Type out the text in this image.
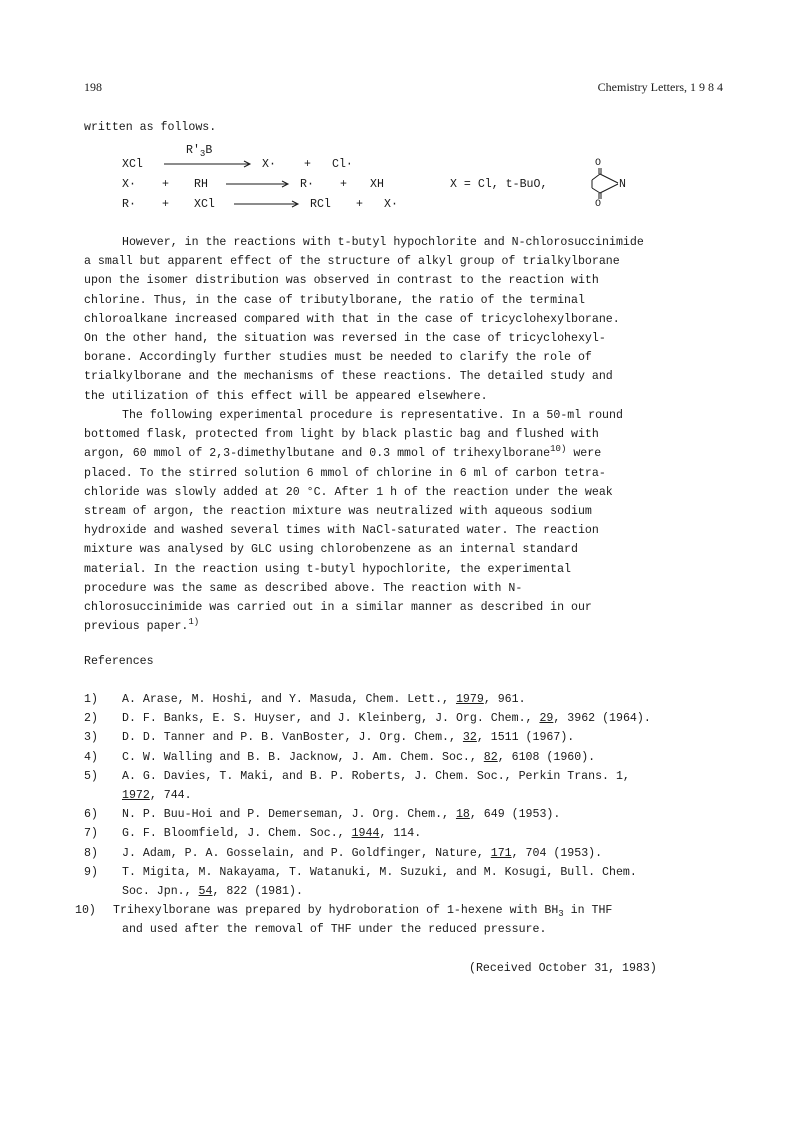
198	Chemistry Letters, 1 9 8 4
written as follows.
$R'_3B$
XCl	X· + Cl·
X· + RH	R· + XH
R· + XCl	RCl + X·
X = Cl, t-BuO,
O
O
N
However, in the reactions with t-butyl hypochlorite and N-chlorosuccinimide
a small but apparent effect of the structure of alkyl group of trialkylborane
upon the isomer distribution was observed in contrast to the reaction with
chlorine. Thus, in the case of tributylborane, the ratio of the terminal
chloroalkane increased compared with that in the case of tricyclohexylborane.
On the other hand, the situation was reversed in the case of tricyclohexyl-
borane. Accordingly further studies must be needed to clarify the role of
trialkylborane and the mechanisms of these reactions. The detailed study and
the utilization of this effect will be appeared elsewhere.
The following experimental procedure is representative. In a 50-ml round
bottomed flask, protected from light by black plastic bag and flushed with
argon, 60 mmol of 2,3-dimethylbutane and 0.3 mmol of trihexylborane$^{10)}$ were
placed. To the stirred solution 6 mmol of chlorine in 6 ml of carbon tetra-
chloride was slowly added at 20 °C. After 1 h of the reaction under the weak
stream of argon, the reaction mixture was neutralized with aqueous sodium
hydroxide and washed several times with NaCl-saturated water. The reaction
mixture was analysed by GLC using chlorobenzene as an internal standard
material. In the reaction using t-butyl hypochlorite, the experimental
procedure was the same as described above. The reaction with N-
chlorosuccinimide was carried out in a similar manner as described in our
previous paper.$^{1)}$
References
1) A. Arase, M. Hoshi, and Y. Masuda, Chem. Lett., 1979, 961.
2) D. F. Banks, E. S. Huyser, and J. Kleinberg, J. Org. Chem., 29, 3962 (1964).
3) D. D. Tanner and P. B. VanBoster, J. Org. Chem., 32, 1511 (1967).
4) C. W. Walling and B. B. Jacknow, J. Am. Chem. Soc., 82, 6108 (1960).
5) A. G. Davies, T. Maki, and B. P. Roberts, J. Chem. Soc., Perkin Trans. 1,
1972, 744.
6) N. P. Buu-Hoi and P. Demerseman, J. Org. Chem., 18, 649 (1953).
7) G. F. Bloomfield, J. Chem. Soc., 1944, 114.
8) J. Adam, P. A. Gosselain, and P. Goldfinger, Nature, 171, 704 (1953).
9) T. Migita, M. Nakayama, T. Watanuki, M. Suzuki, and M. Kosugi, Bull. Chem.
Soc. Jpn., 54, 822 (1981).
10) Trihexylborane was prepared by hydroboration of 1-hexene with $BH_3$ in THF
and used after the removal of THF under the reduced pressure.
(Received October 31, 1983)
